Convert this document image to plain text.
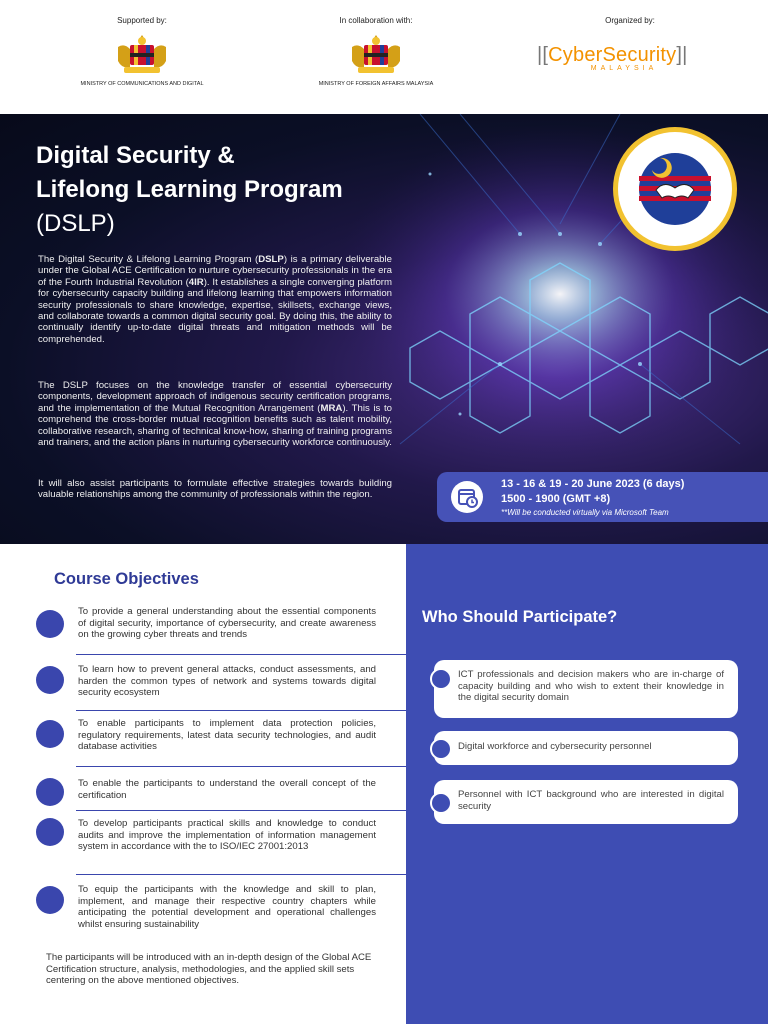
Supported by:
MINISTRY OF COMMUNICATIONS AND DIGITAL
In collaboration with:
MINISTRY OF FOREIGN AFFAIRS MALAYSIA
Organized by:
|[CyberSecurity]|
MALAYSIA
Digital Security &
Lifelong Learning Program
(DSLP)
The Digital Security & Lifelong Learning Program (DSLP) is a primary deliverable under the Global ACE Certification to nurture cybersecurity professionals in the era of the Fourth Industrial Revolution (4IR). It establishes a single converging platform for cybersecurity capacity building and lifelong learning that empowers information security professionals to share knowledge, expertise, skillsets, exchange views, and collaborate towards a common digital security goal. By doing this, the ability to continually identify up-to-date digital threats and mitigation methods will be comprehended.
The DSLP focuses on the knowledge transfer of essential cybersecurity components, development approach of indigenous security certification programs, and the implementation of the Mutual Recognition Arrangement (MRA). This is to comprehend the cross-border mutual recognition benefits such as talent mobility, collaborative research, sharing of technical know-how, sharing of training programs and trainers, and the action plans in nurturing cybersecurity workforce continuously.
It will also assist participants to formulate effective strategies towards building valuable relationships among the community of professionals within the region.
13 - 16 & 19 - 20 June 2023 (6 days)
1500 - 1900 (GMT +8)
**Will be conducted virtually via Microsoft Team
Course Objectives
To provide a general understanding about the essential components of digital security, importance of cybersecurity, and create awareness on the growing cyber threats and trends
To learn how to prevent general attacks, conduct assessments, and harden the common types of network and systems towards digital security ecosystem
To enable participants to implement data protection policies, regulatory requirements, latest data security technologies, and audit database activities
To enable the participants to understand the overall concept of the certification
To develop participants practical skills and knowledge to conduct audits and improve the implementation of information management system in accordance with the to ISO/IEC 27001:2013
To equip the participants with the knowledge and skill to plan, implement, and manage their respective country chapters while anticipating the potential development and operational challenges whilst ensuring sustainability
The participants will be introduced with an in-depth design of the Global ACE Certification structure, analysis, methodologies, and the applied skill sets centering on the above mentioned objectives.
Who Should Participate?
ICT professionals and decision makers who are in-charge of capacity building and who wish to extent their knowledge in the digital security domain
Digital workforce and cybersecurity personnel
Personnel with ICT background who are interested in digital security
